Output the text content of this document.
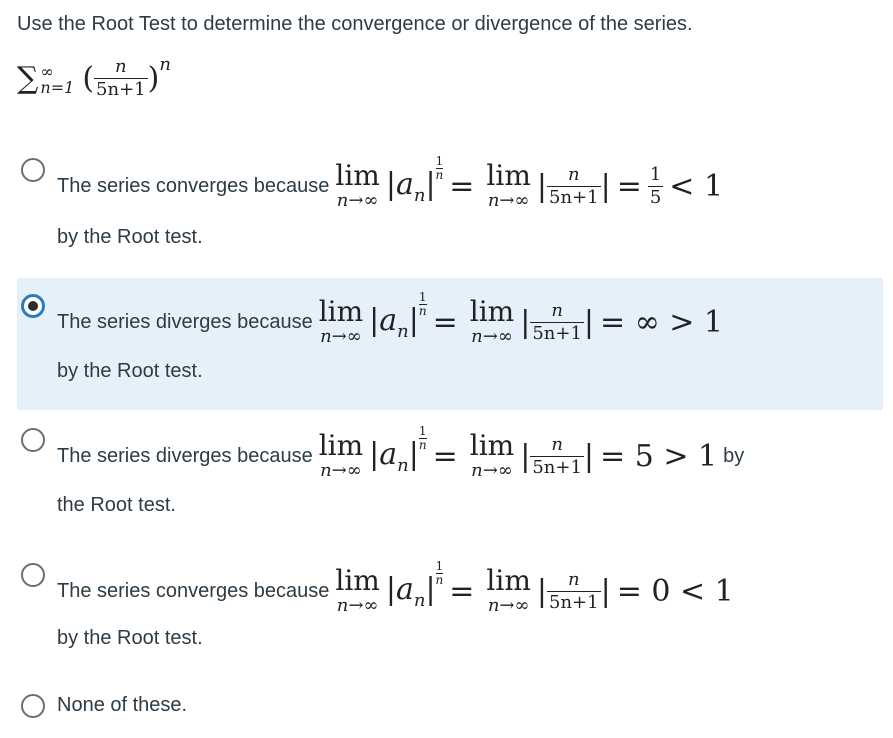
Use the Root Test to determine the convergence or divergence of the series.
∑ ∞
n=1 ( $\frac{n}{5n+1}$ ) n
The series converges because lim
n→∞ $|a_n| \frac{1}{n}$
= lim
n→∞ | $\frac{n}{5n+1}$ | = $\frac{1}{5} < 1$
by the Root test.
The series diverges because lim
n→∞ $|a_n| \frac{1}{n}$
= lim
n→∞ | $\frac{n}{5n+1}$ | = ∞ > 1
by the Root test.
The series diverges because lim
n→∞ $|a_n| \frac{1}{n}$
= lim
n→∞ | $\frac{n}{5n+1}$ | = 5 > 1 by
the Root test.
The series converges because lim
n→∞ $|a_n| \frac{1}{n}$
= lim
n→∞ | $\frac{n}{5n+1}$ | = 0 < 1
by the Root test.
None of these.
